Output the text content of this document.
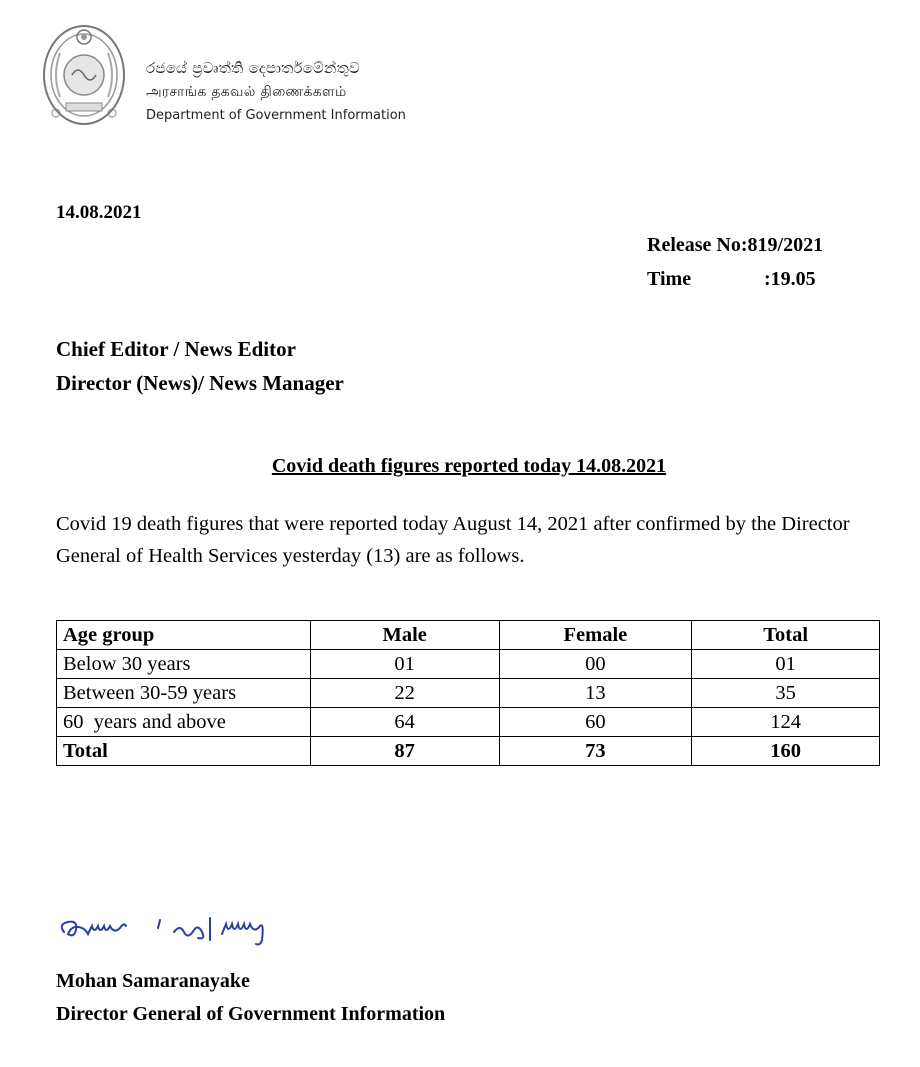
රජයේ ප්‍රවෘත්ති දෙපාර්තමේන්තුව
அரசாங்க தகவல் திணைக்களம்
Department of Government Information
14.08.2021
Release No:819/2021
Time	:19.05
Chief Editor / News Editor
Director (News)/ News Manager
Covid death figures reported today 14.08.2021
Covid 19 death figures that were reported today August 14, 2021 after confirmed by the Director General of Health Services yesterday (13) are as follows.
Age group	Male	Female	Total
Below 30 years	01	00	01
Between 30-59 years	22	13	35
60  years and above	64	60	124
Total	87	73	160
Mohan Samaranayake
Director General of Government Information
